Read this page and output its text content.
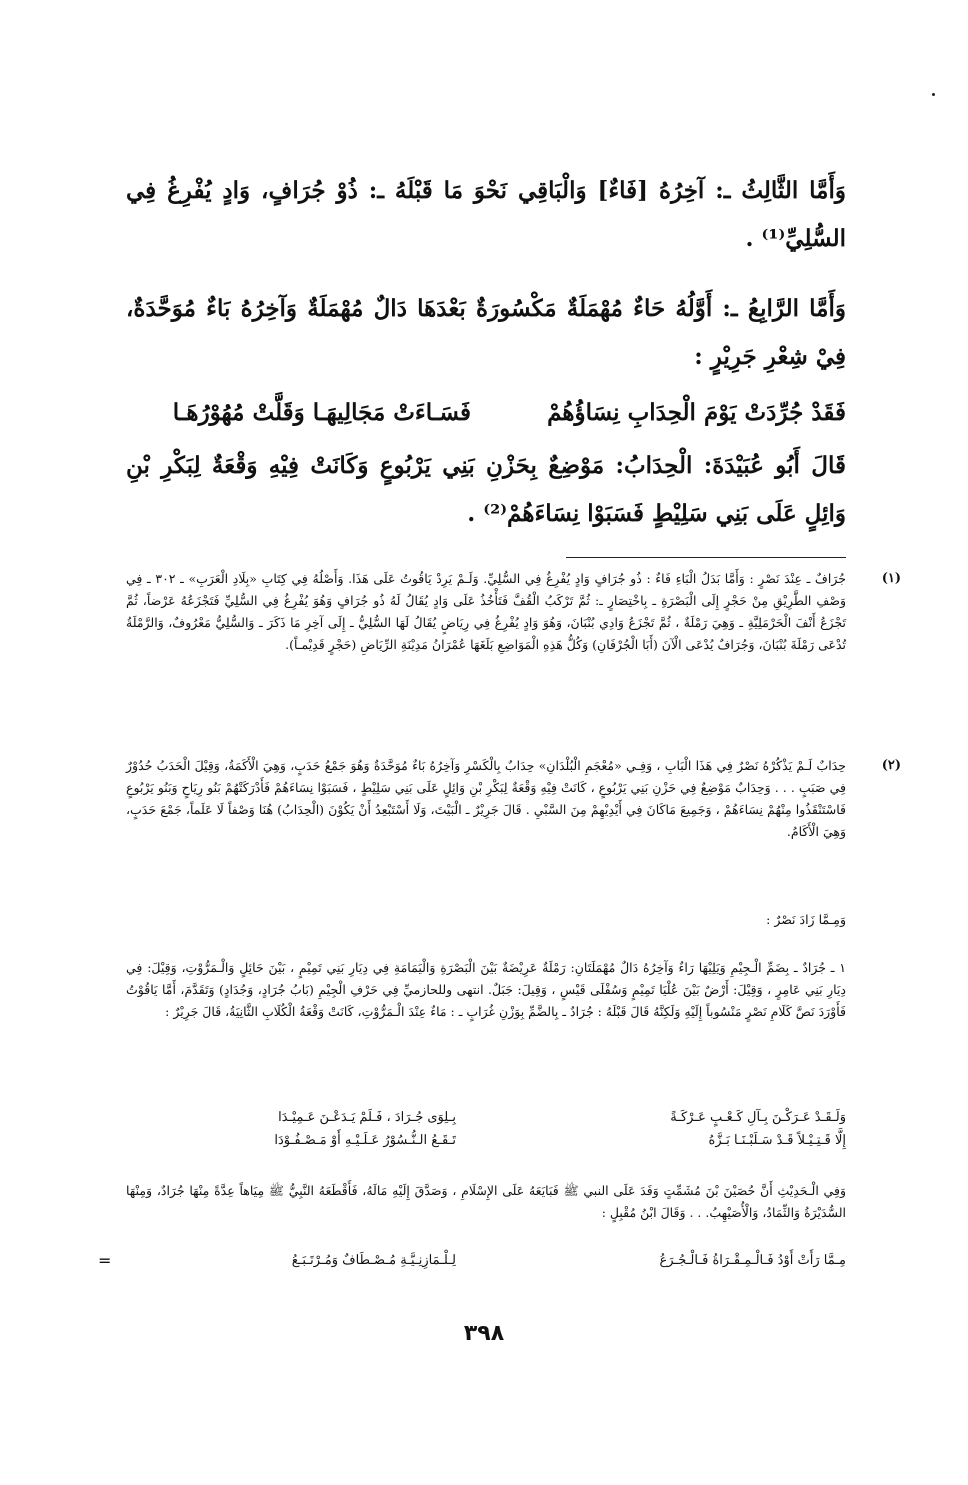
وَأَمَّا الثَّالِثُ ـ: آخِرُهُ [فَاءٌ] وَالْبَاقِي نَحْوَ مَا قَبْلَهُ ـ: ذُوْ جُرَافٍ، وَادٍ يُفْرِغُ فِي السُّلِيِّ⁽¹⁾ .

وَأَمَّا الرَّابِعُ ـ: أَوَّلُهُ حَاءٌ مُهْمَلَةٌ مَكْسُورَةٌ بَعْدَهَا دَالٌ مُهْمَلَةٌ وَآخِرُهُ بَاءٌ مُوَحَّدَةٌ، فِيْ شِعْرِ جَرِيْرٍ :

فَقَدْ جُرِّدَتْ يَوْمَ الْحِدَابِ نِسَاؤُهُمْ
فَسَـاءَتْ مَجَالِيهَـا وَقَلَّتْ مُهُوْرُهَـا

قَالَ أَبُو عُبَيْدَةَ: الْحِدَابُ: مَوْضِعٌ بِحَزْنِ بَنِي يَرْبُوعٍ وَكَانَتْ فِيْهِ وَقْعَةٌ لِبَكْرِ بْنِ وَائِلٍ عَلَى بَنِي سَلِيْطٍ فَسَبَوْا نِسَاءَهُمْ⁽²⁾ .

(١)
جُرَافٌ ـ عِنْدَ نَصْرٍ : وَأَمَّا بَدَلُ الْبَاءِ فَاءٌ : ذُو جُرَافٍ وَادٍ يُفْرِغُ فِي السُّلِيِّ. وَلَـمْ يَرِدْ يَاقُوتُ عَلَى هَذَا. وَأَصْلُهُ فِي كِتَابِ «بِلَادِ الْعَرَبِ» ـ ٣٠٢ ـ فِي وَصْفِ الطَّرِيْقِ مِنْ حَجْرٍ إِلَى الْبَصْرَةِ ـ بِاخْتِصَارٍ ـ: ثُمَّ تَرْكَبُ الْقُفَّ فَتَأْخُذُ عَلَى وَادٍ يُقَالُ لَهُ ذُو جُرَافٍ وَهُوَ يُفْرِغُ فِي السُّلِيِّ فَتَجْزَعُهُ عَرْضاً، ثُمَّ تَجْزَعُ أَنْفَ الْحَرْمَلِيَّةِ ـ وَهِيَ رَمْلَةٌ ، ثُمَّ تَجْزَعُ وَادِي بُنْبَانَ، وَهُوَ وَادٍ يُفْرِغُ فِي رِيَاضٍ يُقَالُ لَهَا السُّلِيُّ ـ إِلَى آخِرِ مَا ذَكَرَ ـ وَالسُّلِيُّ مَعْرُوفٌ، وَالرَّمْلَةُ تُدْعَى رَمْلَةَ بُنْبَانَ، وَجُرَافٌ يُدْعَى الْآنَ (أَبَا الْجُرْفَانِ) وَكُلُّ هَذِهِ الْمَوَاضِعِ بَلَغَهَا عُمْرَانُ مَدِيْنَةِ الرِّيَاضِ (حَجْرٍ قَدِيْمـاً).
(٢)
حِدَابٌ لَـمْ يَذْكُرْهُ نَصْرٌ فِي هَذَا الْبَابِ ، وَفِـي «مُعْجَمِ الْبُلْدَانِ» حِدَابٌ بِالْكَسْرِ وَآخِرُهُ بَاءٌ مُوَحَّدَةٌ وَهُوَ جَمْعُ حَدَبٍ، وَهِيَ الْأَكَمَةُ، وَقِيْلَ الْحَدَبُ حُدُوْرٌ فِي صَبَبٍ . . . وَحِدَابٌ مَوْضِعٌ فِي حَزْنِ بَنِي يَرْبُوعٍ ، كَانَتْ فِيْهِ وَقْعَةٌ لِبَكْرِ بْنِ وَائِلٍ عَلَى بَنِي سَلِيْطٍ ، فَسَبَوْا نِسَاءَهُمْ فَأَدْرَكَتْهُمْ بَنُو رِيَاحٍ وَبَنُو يَرْبُوعٍ فَاسْتَنْقَذُوا مِنْهُمْ نِسَاءَهُمْ ، وَجَمِيعَ مَاكَانَ فِي أَيْدِيْهِمْ مِنَ السَّبْيِ . قَالَ جَرِيْرٌ ـ الْبَيْتَ، وَلَا أَسْتَبْعِدُ أَنْ يَكُوْنَ (الْحِدَابُ) هُنَا وَصْفاً لَا عَلَماً، جَمْعَ حَدَبٍ، وَهِيَ الْأَكَامُ.
وَمِـمَّا زَادَ نَصْرٌ :
١ ـ جُرَادٌ ـ بِضَمِّ الْـجِيْمِ وَيَلِيْهَا رَاءٌ وَآخِرُهُ دَالٌ مُهْمَلَتَانِ: رَمْلَةٌ عَرِيْضَةٌ بَيْنَ الْبَصْرَةِ وَالْيَمَامَةِ فِي دِيَارِ بَنِي تَمِيْمٍ ، بَيْنَ حَائِلٍ وَالْـمَرُّوْتِ، وَقِيْلَ: فِي دِيَارِ بَنِي عَامِرٍ ، وَقِيْلَ: أَرْضٌ بَيْنَ عُلْيَا تَمِيْمٍ وَسُفْلَى قَيْسٍ ، وَقِيلَ: جَبَلٌ. انتهى وللحازميِّ فِي حَرْفِ الْجِيْمِ (بَابُ جُرَادٍ، وَجُدَادٍ) وَتَقَدَّمَ، أَمَّا يَاقُوْتُ فَأَوْرَدَ نَصَّ كَلَامِ نَصْرٍ مَنْسُوباً إِلَيْهِ وَلَكِنَّهُ قَالَ قَبْلَهُ : جُرَادٌ ـ بِالضَّمِّ بِوَزْنِ غُرَابٍ ـ : مَاءٌ عِنْدَ الْـمَرُّوْتِ، كَانَتْ وَقْعَةُ الْكُلَابِ الثَّانِيَةُ، قَالَ جَرِيْرٌ :
وَلَـقَـدْ عَـرَكْـنَ بِـآلِ كَـعْـبٍ عَـرْكَـةً
بِـلِوَى جُـرَادَ ، فَـلَمْ يَـدَعْـنَ عَـمِيْـدَا
إِلَّا قَـتِـيْـلاً قَـدْ سَـلَبْـنَـا بَـزَّهُ
تَـقَـعُ الـنُّـسُوْرُ عَـلَـيْـهِ أَوْ مَـصْـفُـوْدَا
وَفِي الْـحَدِيْثِ أَنَّ حُصَيْنَ بْنَ مُشَمِّتٍ وَفَدَ عَلَى النبي ﷺ فَبَايَعَهُ عَلَى الإِسْلَامِ ، وَصَدَّقَ إِلَيْهِ مَالَهُ، فَأَقْطَعَهُ النَّبِيُّ ﷺ مِيَاهاً عِدَّةً مِنْهَا جُرَادٌ، وَمِنْهَا السُّدَيْرَةُ وَالثِّمَادُ، وَالْأُصَيْهِبُ. . . وَقَالَ ابْنُ مُقْبِلٍ :
مِـمَّا رَأَتْ أَوْدُ فَـالْـمِـقْـرَاةُ فَـالْـجُـرَعُ
لِـلْـمَازِنِـيَّـةِ مُـصْـطَافٌ وَمُـرْتَـبَـعُ
=
٣٩٨
